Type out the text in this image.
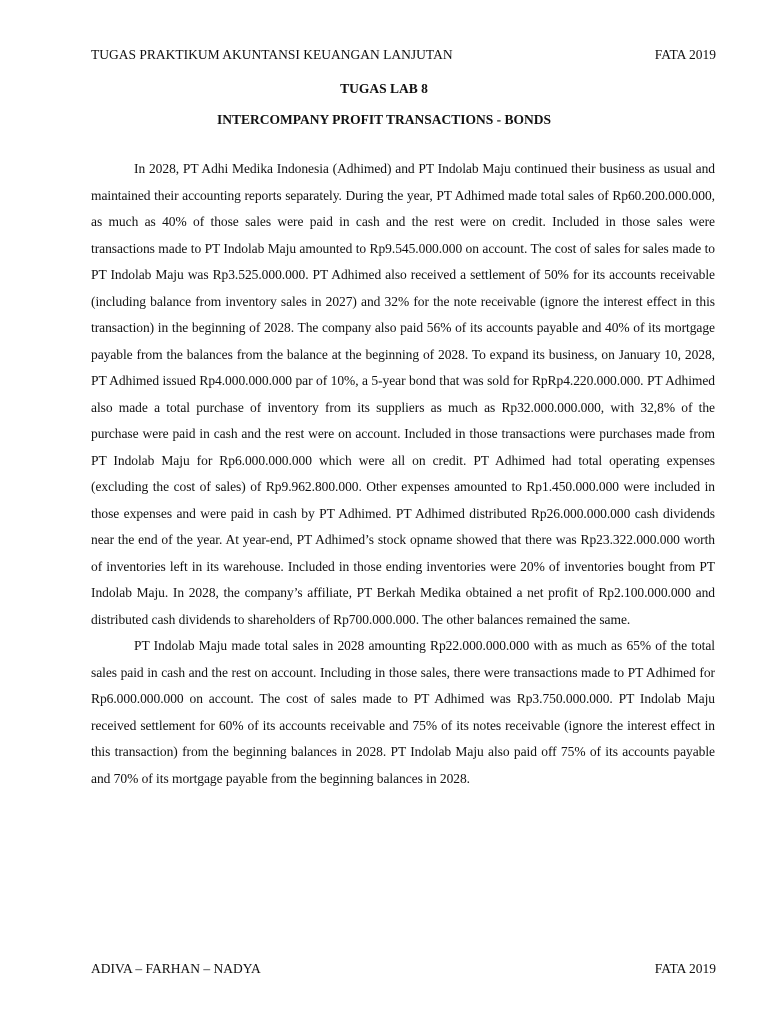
TUGAS PRAKTIKUM AKUNTANSI KEUANGAN LANJUTAN	FATA 2019
TUGAS LAB 8
INTERCOMPANY PROFIT TRANSACTIONS - BONDS

In 2028, PT Adhi Medika Indonesia (Adhimed) and PT Indolab Maju continued their business as usual and maintained their accounting reports separately. During the year, PT Adhimed made total sales of Rp60.200.000.000, as much as 40% of those sales were paid in cash and the rest were on credit. Included in those sales were transactions made to PT Indolab Maju amounted to Rp9.545.000.000 on account. The cost of sales for sales made to PT Indolab Maju was Rp3.525.000.000. PT Adhimed also received a settlement of 50% for its accounts receivable (including balance from inventory sales in 2027) and 32% for the note receivable (ignore the interest effect in this transaction) in the beginning of 2028. The company also paid 56% of its accounts payable and 40% of its mortgage payable from the balances from the balance at the beginning of 2028. To expand its business, on January 10, 2028, PT Adhimed issued Rp4.000.000.000 par of 10%, a 5-year bond that was sold for RpRp4.220.000.000. PT Adhimed also made a total purchase of inventory from its suppliers as much as Rp32.000.000.000, with 32,8% of the purchase were paid in cash and the rest were on account. Included in those transactions were purchases made from PT Indolab Maju for Rp6.000.000.000 which were all on credit. PT Adhimed had total operating expenses (excluding the cost of sales) of Rp9.962.800.000. Other expenses amounted to Rp1.450.000.000 were included in those expenses and were paid in cash by PT Adhimed. PT Adhimed distributed Rp26.000.000.000 cash dividends near the end of the year. At year-end, PT Adhimed’s stock opname showed that there was Rp23.322.000.000 worth of inventories left in its warehouse. Included in those ending inventories were 20% of inventories bought from PT Indolab Maju. In 2028, the company’s affiliate, PT Berkah Medika obtained a net profit of Rp2.100.000.000 and distributed cash dividends to shareholders of Rp700.000.000. The other balances remained the same.

PT Indolab Maju made total sales in 2028 amounting Rp22.000.000.000 with as much as 65% of the total sales paid in cash and the rest on account. Including in those sales, there were transactions made to PT Adhimed for Rp6.000.000.000 on account. The cost of sales made to PT Adhimed was Rp3.750.000.000. PT Indolab Maju received settlement for 60% of its accounts receivable and 75% of its notes receivable (ignore the interest effect in this transaction) from the beginning balances in 2028. PT Indolab Maju also paid off 75% of its accounts payable and 70% of its mortgage payable from the beginning balances in 2028.

ADIVA – FARHAN – NADYA	FATA 2019
